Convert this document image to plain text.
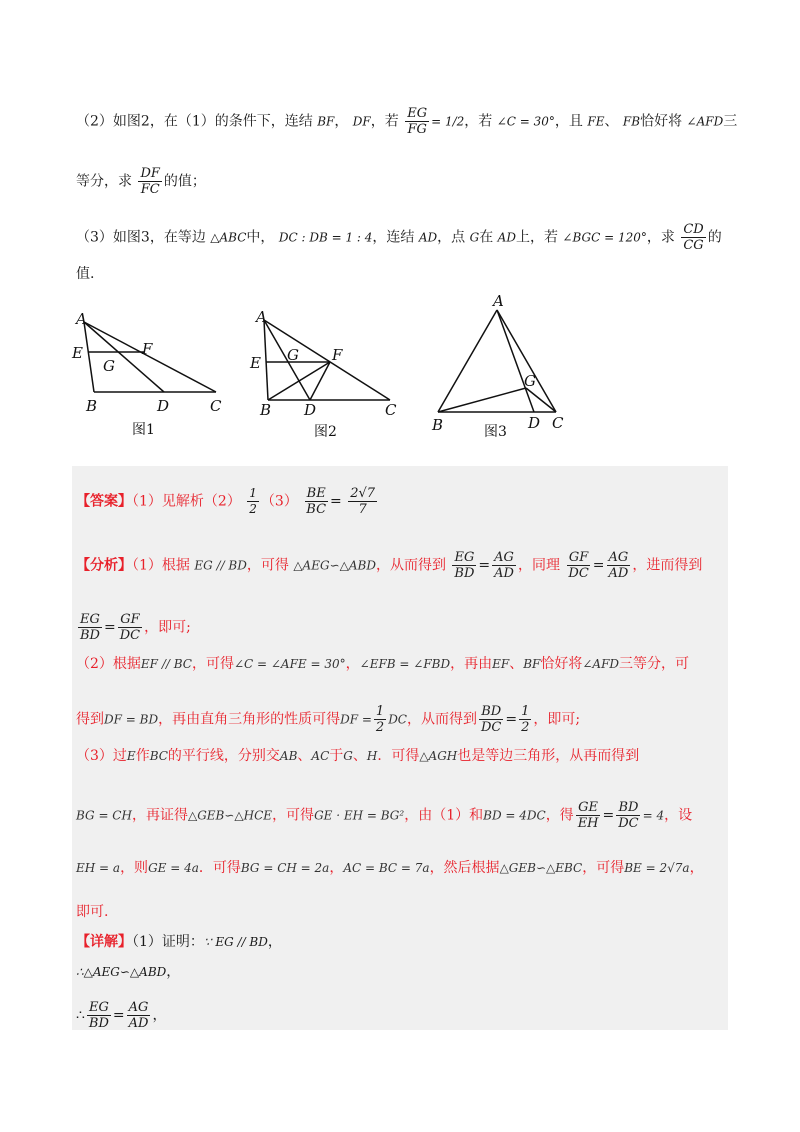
（2）如图2，在（1）的条件下，连结 BF， DF，若 $\frac{EG}{FG} = 1/2$，若 ∠C = 30°，且 FE、 FB恰好将 ∠AFD三
等分，求 $\frac{DF}{FC}$ 的值；
（3）如图3，在等边 △ABC中， DC : DB = 1 : 4，连结 AD，点 G在 AD上，若 ∠BGC = 120°，求 $\frac{CD}{CG}$ 的
值.
A
E
G
F
B	D	C
图1
A
G F
E
B D	C
图2
A
G
B	D C
图3
【答案】（1）见解析$(2) \frac{1}{2} (3) \frac{BE}{BC} = \frac{2√7}{7}$
【分析】（1）根据 EG // BD，可得 △AEG∽△ABD，从而得到 $\frac{EG}{BD} = \frac{AG}{AD}$ ，同理 $\frac{GF}{DC} = \frac{AG}{AD}$ ，进而得到
$\frac{EG}{BD} = \frac{GF}{DC}$ ，即可;
（2）根据EF // BC，可得∠C = ∠AFE = 30°，∠EFB = ∠FBD，再由EF、BF恰好将∠AFD三等分，可
得到DF = BD，再由直角三角形的性质可得DF = $\frac{1}{2}$ DC，从而得到 $\frac{BD}{DC} = \frac{1}{2}$ ，即可;
（3）过E作BC的平行线，分别交AB、AC于G、H．可得△AGH也是等边三角形，从再而得到
BG = CH，再证得△GEB∽△HCE，可得GE · EH = BG²，由（1）和BD = 4DC，得 $\frac{GE}{EH} = \frac{BD}{DC} = 4$，设
EH = a，则GE = 4a．可得BG = CH = 2a，AC = BC = 7a，然后根据△GEB∽△EBC，可得BE = 2√7a，
即可.
【详解】（1）证明：∵ EG // BD，
∴△AEG∽△ABD，
∴ $\frac{EG}{BD} = \frac{AG}{AD}$ ，
